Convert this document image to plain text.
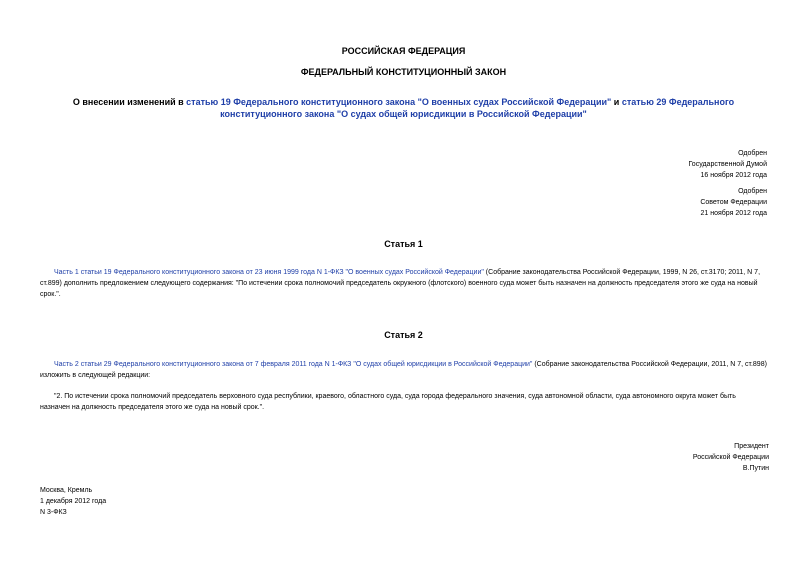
РОССИЙСКАЯ ФЕДЕРАЦИЯ
ФЕДЕРАЛЬНЫЙ КОНСТИТУЦИОННЫЙ ЗАКОН
О внесении изменений в статью 19 Федерального конституционного закона "О военных судах Российской Федерации" и статью 29 Федерального конституционного закона "О судах общей юрисдикции в Российской Федерации"
Одобрен
Государственной Думой
16 ноября 2012 года
Одобрен
Советом Федерации
21 ноября 2012 года
Статья 1
Часть 1 статьи 19 Федерального конституционного закона от 23 июня 1999 года N 1-ФКЗ "О военных судах Российской Федерации" (Собрание законодательства Российской Федерации, 1999, N 26, ст.3170; 2011, N 7, ст.899) дополнить предложением следующего содержания: "По истечении срока полномочий председатель окружного (флотского) военного суда может быть назначен на должность председателя этого же суда на новый срок.".
Статья 2
Часть 2 статьи 29 Федерального конституционного закона от 7 февраля 2011 года N 1-ФКЗ "О судах общей юрисдикции в Российской Федерации" (Собрание законодательства Российской Федерации, 2011, N 7, ст.898) изложить в следующей редакции:
"2. По истечении срока полномочий председатель верховного суда республики, краевого, областного суда, суда города федерального значения, суда автономной области, суда автономного округа может быть назначен на должность председателя этого же суда на новый срок.".
Президент
Российской Федерации
В.Путин
Москва, Кремль
1 декабря 2012 года
N 3-ФКЗ
